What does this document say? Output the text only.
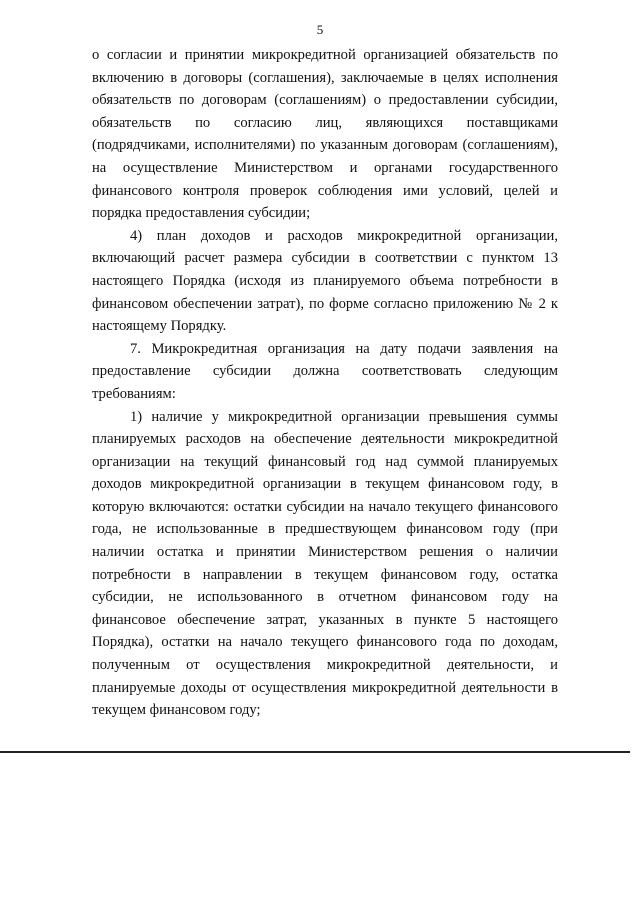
5

о согласии и принятии микрокредитной организацией обязательств по включению в договоры (соглашения), заключаемые в целях исполнения обязательств по договорам (соглашениям) о предоставлении субсидии, обязательств по согласию лиц, являющихся поставщиками (подрядчиками, исполнителями) по указанным договорам (соглашениям), на осуществление Министерством и органами государственного финансового контроля проверок соблюдения ими условий, целей и порядка предоставления субсидии;

4) план доходов и расходов микрокредитной организации, включающий расчет размера субсидии в соответствии с пунктом 13 настоящего Порядка (исходя из планируемого объема потребности в финансовом обеспечении затрат), по форме согласно приложению № 2 к настоящему Порядку.

7. Микрокредитная организация на дату подачи заявления на предоставление субсидии должна соответствовать следующим требованиям:

1) наличие у микрокредитной организации превышения суммы планируемых расходов на обеспечение деятельности микрокредитной организации на текущий финансовый год над суммой планируемых доходов микрокредитной организации в текущем финансовом году, в которую включаются: остатки субсидии на начало текущего финансового года, не использованные в предшествующем финансовом году (при наличии остатка и принятии Министерством решения о наличии потребности в направлении в текущем финансовом году, остатка субсидии, не использованного в отчетном финансовом году на финансовое обеспечение затрат, указанных в пункте 5 настоящего Порядка), остатки на начало текущего финансового года по доходам, полученным от осуществления микрокредитной деятельности, и планируемые доходы от осуществления микрокредитной деятельности в текущем финансовом году;
